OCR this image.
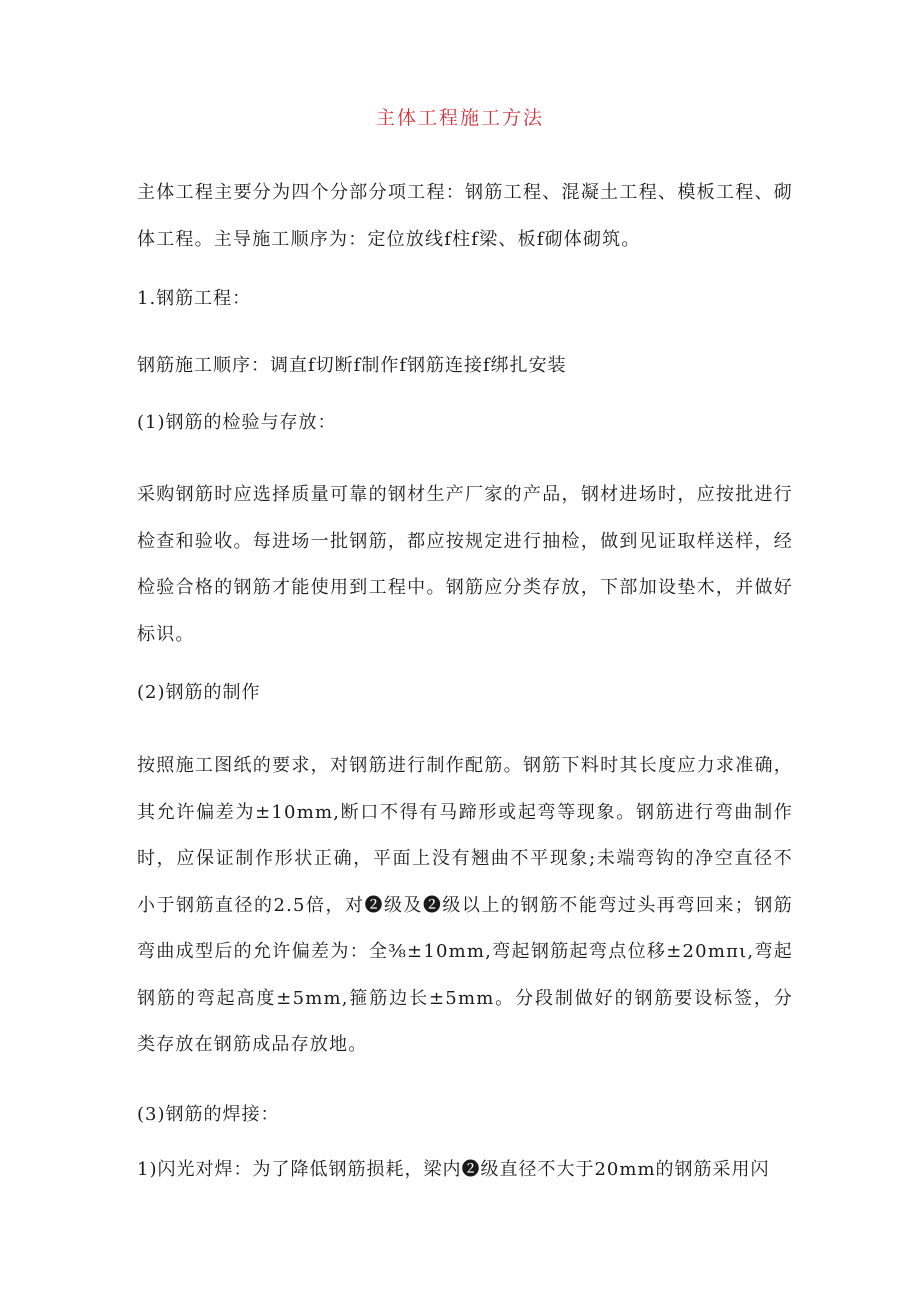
主体工程施工方法

主体工程主要分为四个分部分项工程：钢筋工程、混凝土工程、模板工程、砌体工程。主导施工顺序为：定位放线f柱f梁、板f砌体砌筑。

1.钢筋工程：
钢筋施工顺序：调直f切断f制作f钢筋连接f绑扎安装
(1)钢筋的检验与存放：

采购钢筋时应选择质量可靠的钢材生产厂家的产品，钢材进场时，应按批进行检查和验收。每进场一批钢筋，都应按规定进行抽检，做到见证取样送样，经检验合格的钢筋才能使用到工程中。钢筋应分类存放，下部加设垫木，并做好标识。

(2)钢筋的制作

按照施工图纸的要求，对钢筋进行制作配筋。钢筋下料时其长度应力求准确，其允许偏差为±10mm,断口不得有马蹄形或起弯等现象。钢筋进行弯曲制作时，应保证制作形状正确，平面上没有翘曲不平现象;未端弯钩的净空直径不小于钢筋直径的2.5倍，对❷级及❷级以上的钢筋不能弯过头再弯回来；钢筋弯曲成型后的允许偏差为：全⅜±10mm,弯起钢筋起弯点位移±20mπι,弯起钢筋的弯起高度±5mm,箍筋边长±5mm。分段制做好的钢筋要设标签，分类存放在钢筋成品存放地。

(3)钢筋的焊接：
1)闪光对焊：为了降低钢筋损耗，梁内❷级直径不大于20mm的钢筋采用闪
